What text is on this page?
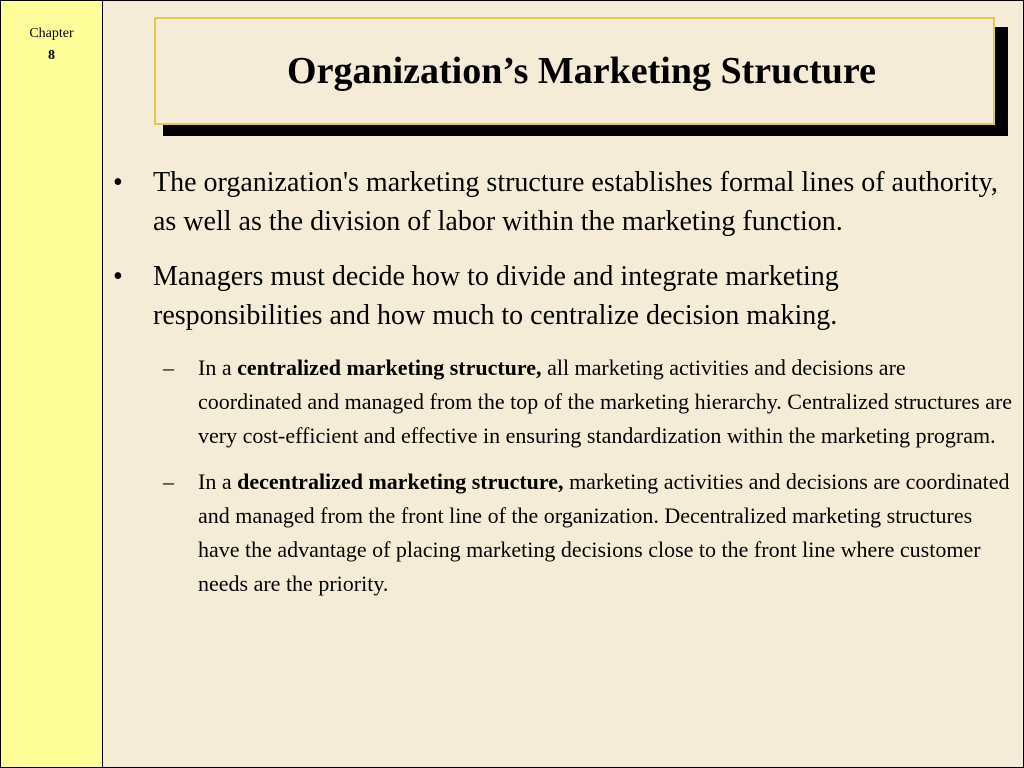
Chapter
8	Organization’s Marketing Structure
•	The organization's marketing structure establishes formal lines of authority, as well as the division of labor within the marketing function.
•	Managers must decide how to divide and integrate marketing responsibilities and how much to centralize decision making.
–	In a centralized marketing structure, all marketing activities and decisions are coordinated and managed from the top of the marketing hierarchy. Centralized structures are very cost-efficient and effective in ensuring standardization within the marketing program.
–	In a decentralized marketing structure, marketing activities and decisions are coordinated and managed from the front line of the organization. Decentralized marketing structures have the advantage of placing marketing decisions close to the front line where customer needs are the priority.
